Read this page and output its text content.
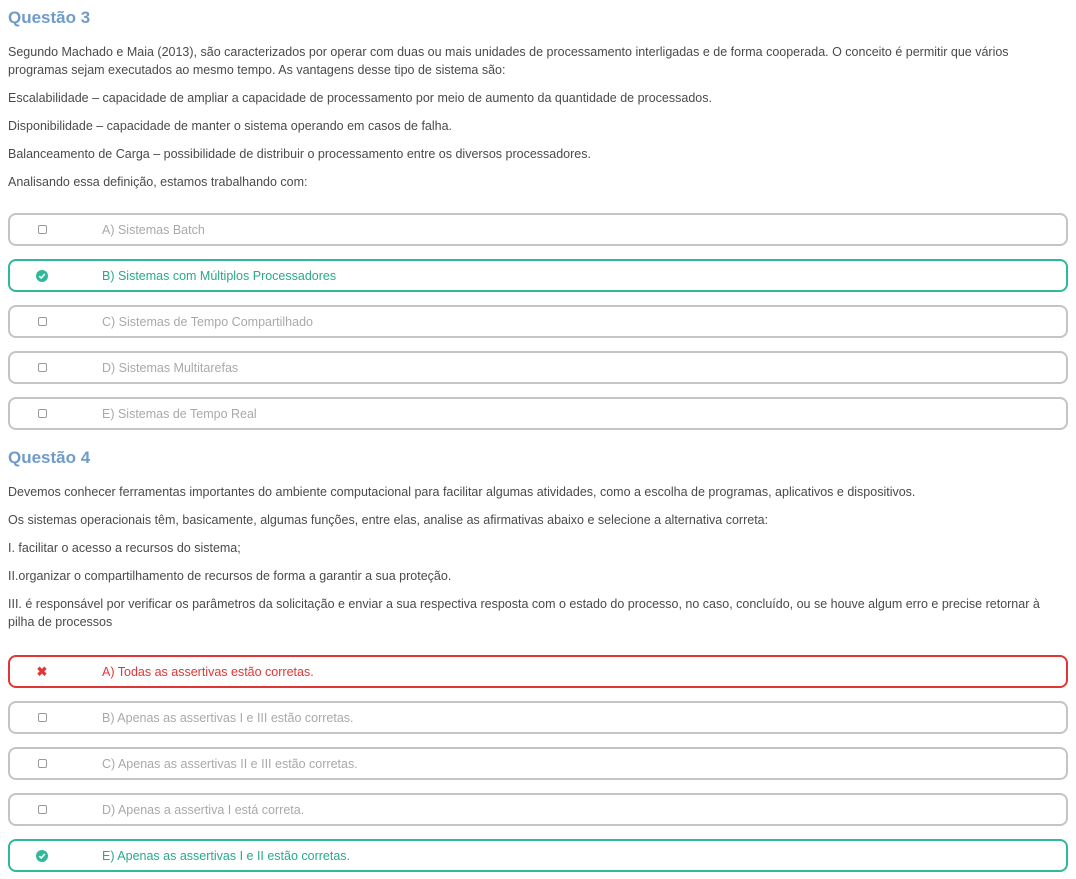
Questão 3

Segundo Machado e Maia (2013), são caracterizados por operar com duas ou mais unidades de processamento interligadas e de forma cooperada. O conceito é permitir que vários programas sejam executados ao mesmo tempo. As vantagens desse tipo de sistema são:

Escalabilidade – capacidade de ampliar a capacidade de processamento por meio de aumento da quantidade de processados.

Disponibilidade – capacidade de manter o sistema operando em casos de falha.

Balanceamento de Carga – possibilidade de distribuir o processamento entre os diversos processadores.

Analisando essa definição, estamos trabalhando com:

A) Sistemas Batch
B) Sistemas com Múltiplos Processadores
C) Sistemas de Tempo Compartilhado
D) Sistemas Multitarefas
E) Sistemas de Tempo Real
Questão 4

Devemos conhecer ferramentas importantes do ambiente computacional para facilitar algumas atividades, como a escolha de programas, aplicativos e dispositivos.

Os sistemas operacionais têm, basicamente, algumas funções, entre elas, analise as afirmativas abaixo e selecione a alternativa correta:

I. facilitar o acesso a recursos do sistema;

II.organizar o compartilhamento de recursos de forma a garantir a sua proteção.

III. é responsável por verificar os parâmetros da solicitação e enviar a sua respectiva resposta com o estado do processo, no caso, concluído, ou se houve algum erro e precise retornar à pilha de processos

✖	A) Todas as assertivas estão corretas.
B) Apenas as assertivas I e III estão corretas.
C) Apenas as assertivas II e III estão corretas.
D) Apenas a assertiva I está correta.
E) Apenas as assertivas I e II estão corretas.
